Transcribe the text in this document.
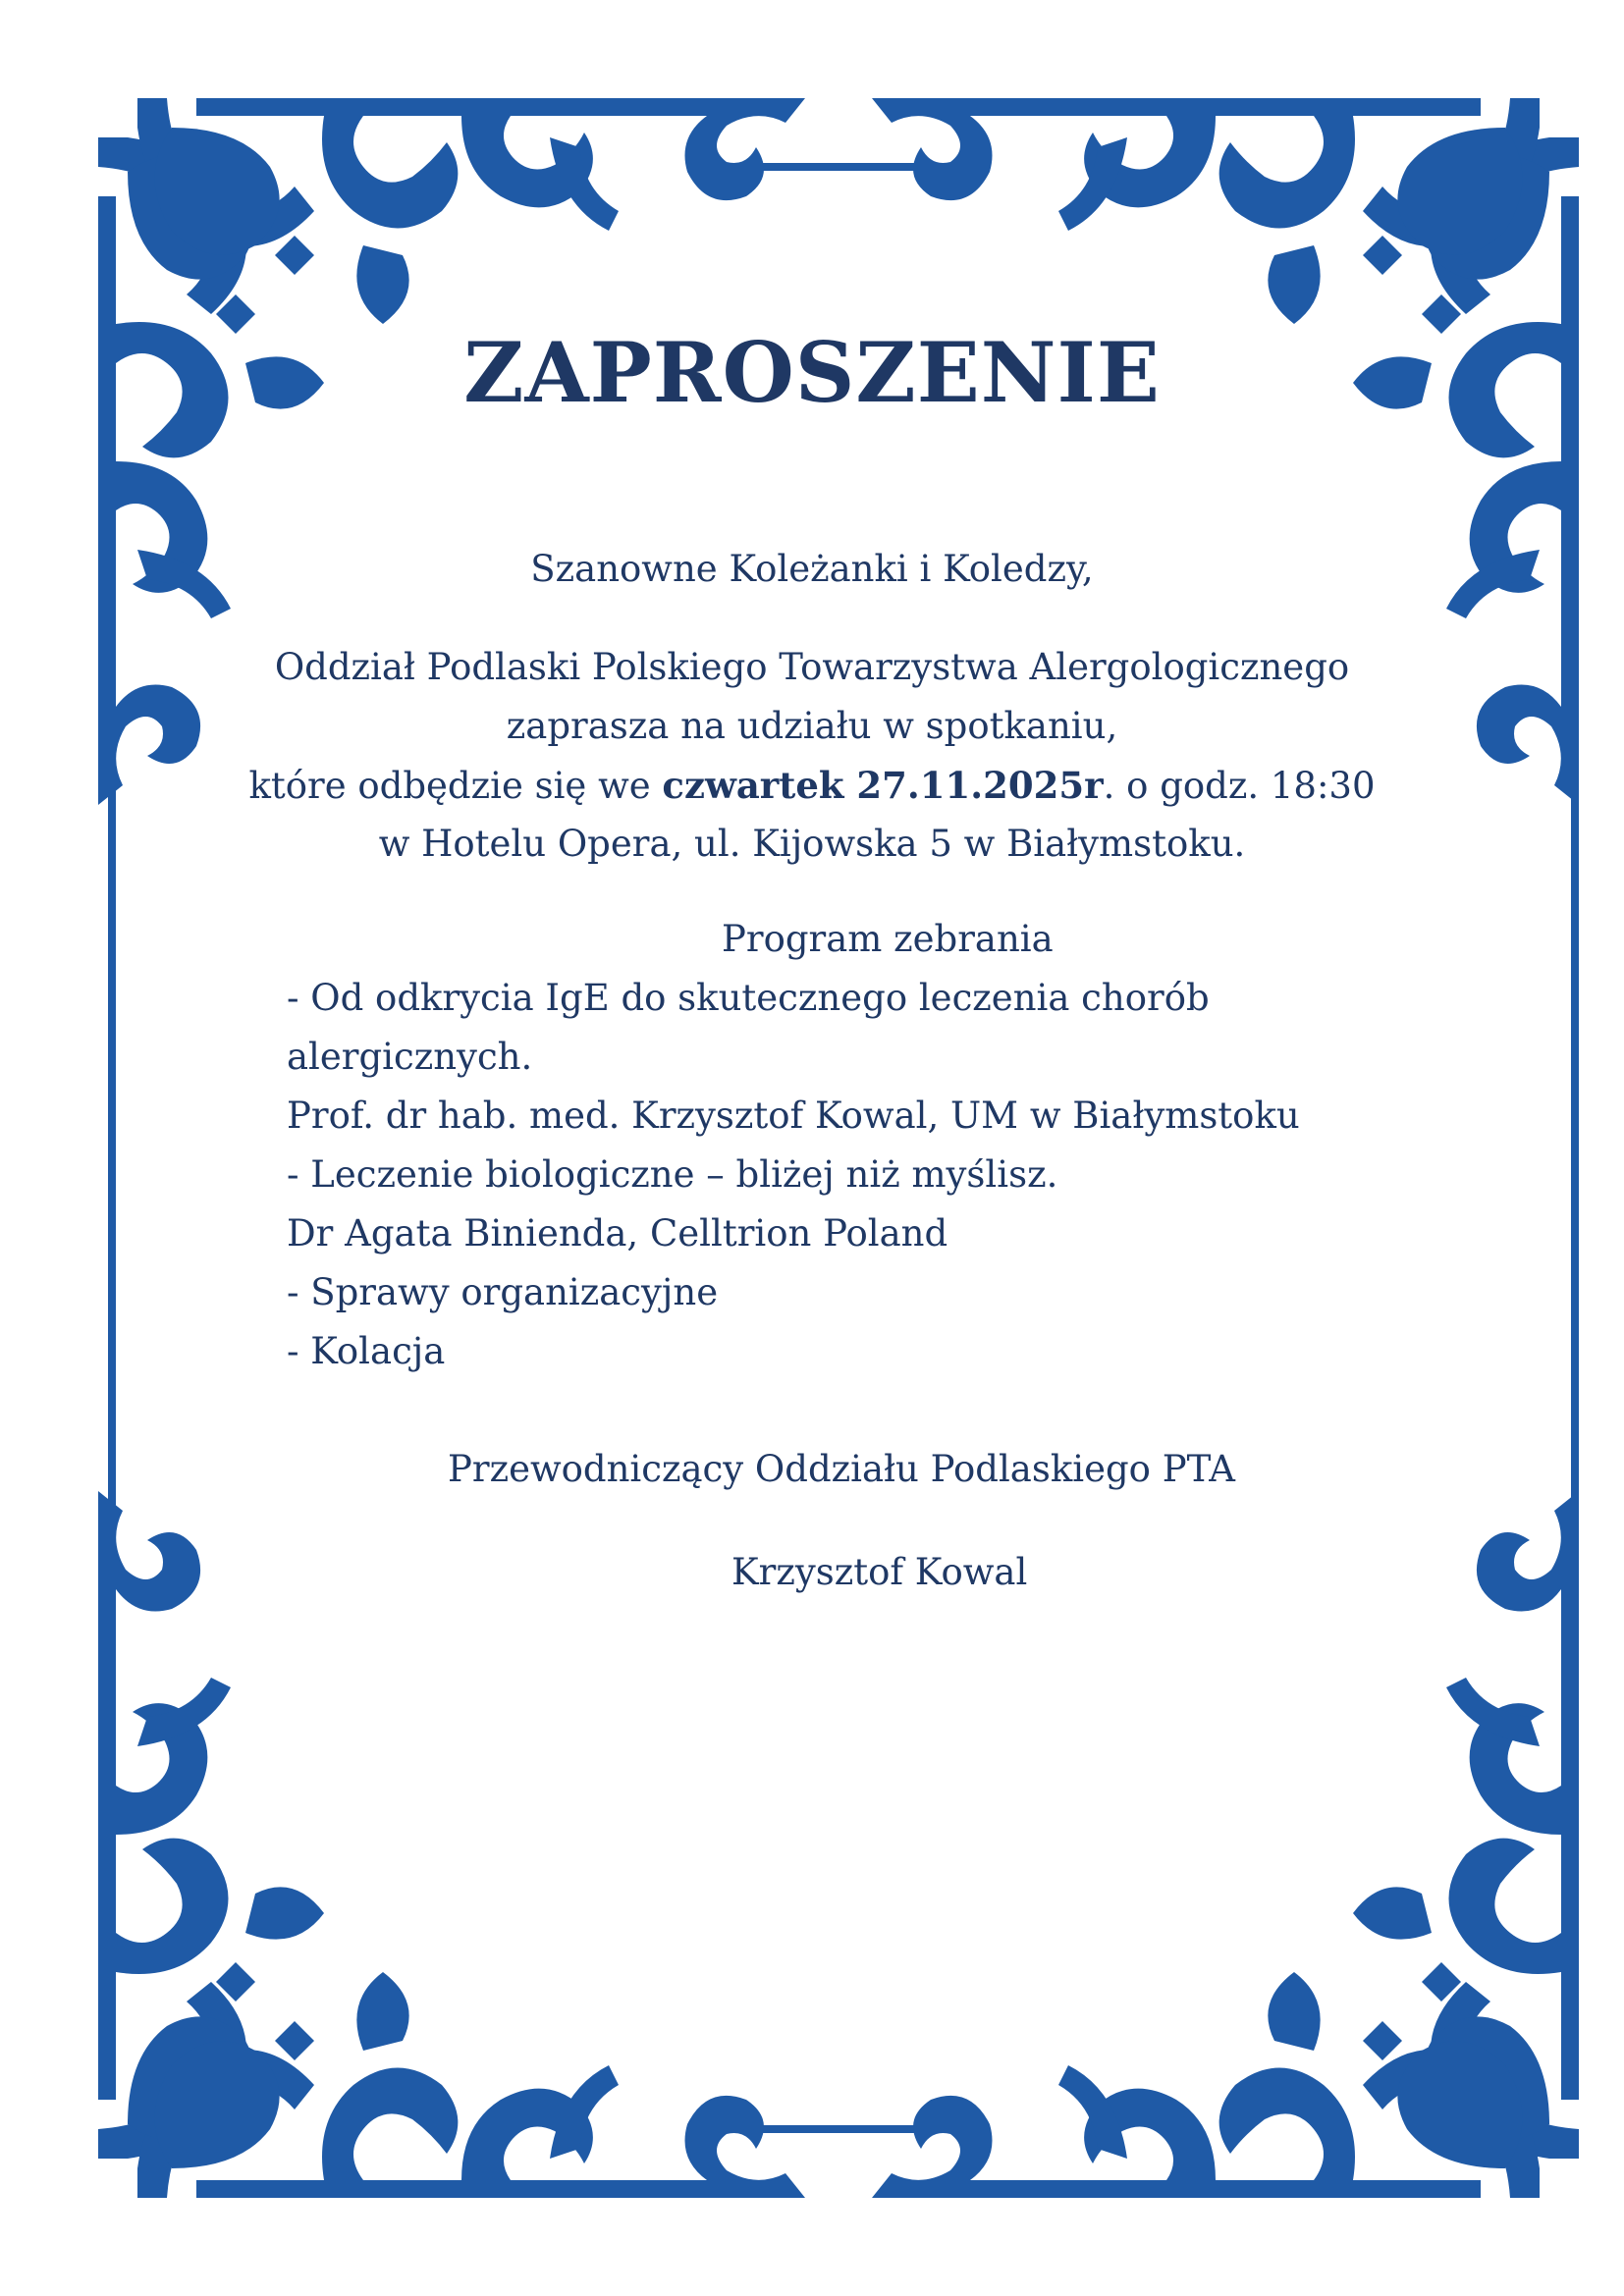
ZAPROSZENIE
Szanowne Koleżanki i Koledzy,
Oddział Podlaski Polskiego Towarzystwa Alergologicznego
zaprasza na udziału w spotkaniu,
które odbędzie się we czwartek 27.11.2025r. o godz. 18:30
w Hotelu Opera, ul. Kijowska 5 w Białymstoku.
Program zebrania
- Od odkrycia IgE do skutecznego leczenia chorób
alergicznych.
Prof. dr hab. med. Krzysztof Kowal, UM w Białymstoku
- Leczenie biologiczne – bliżej niż myślisz.
Dr Agata Binienda, Celltrion Poland
- Sprawy organizacyjne
- Kolacja
Przewodniczący Oddziału Podlaskiego PTA
Krzysztof Kowal
